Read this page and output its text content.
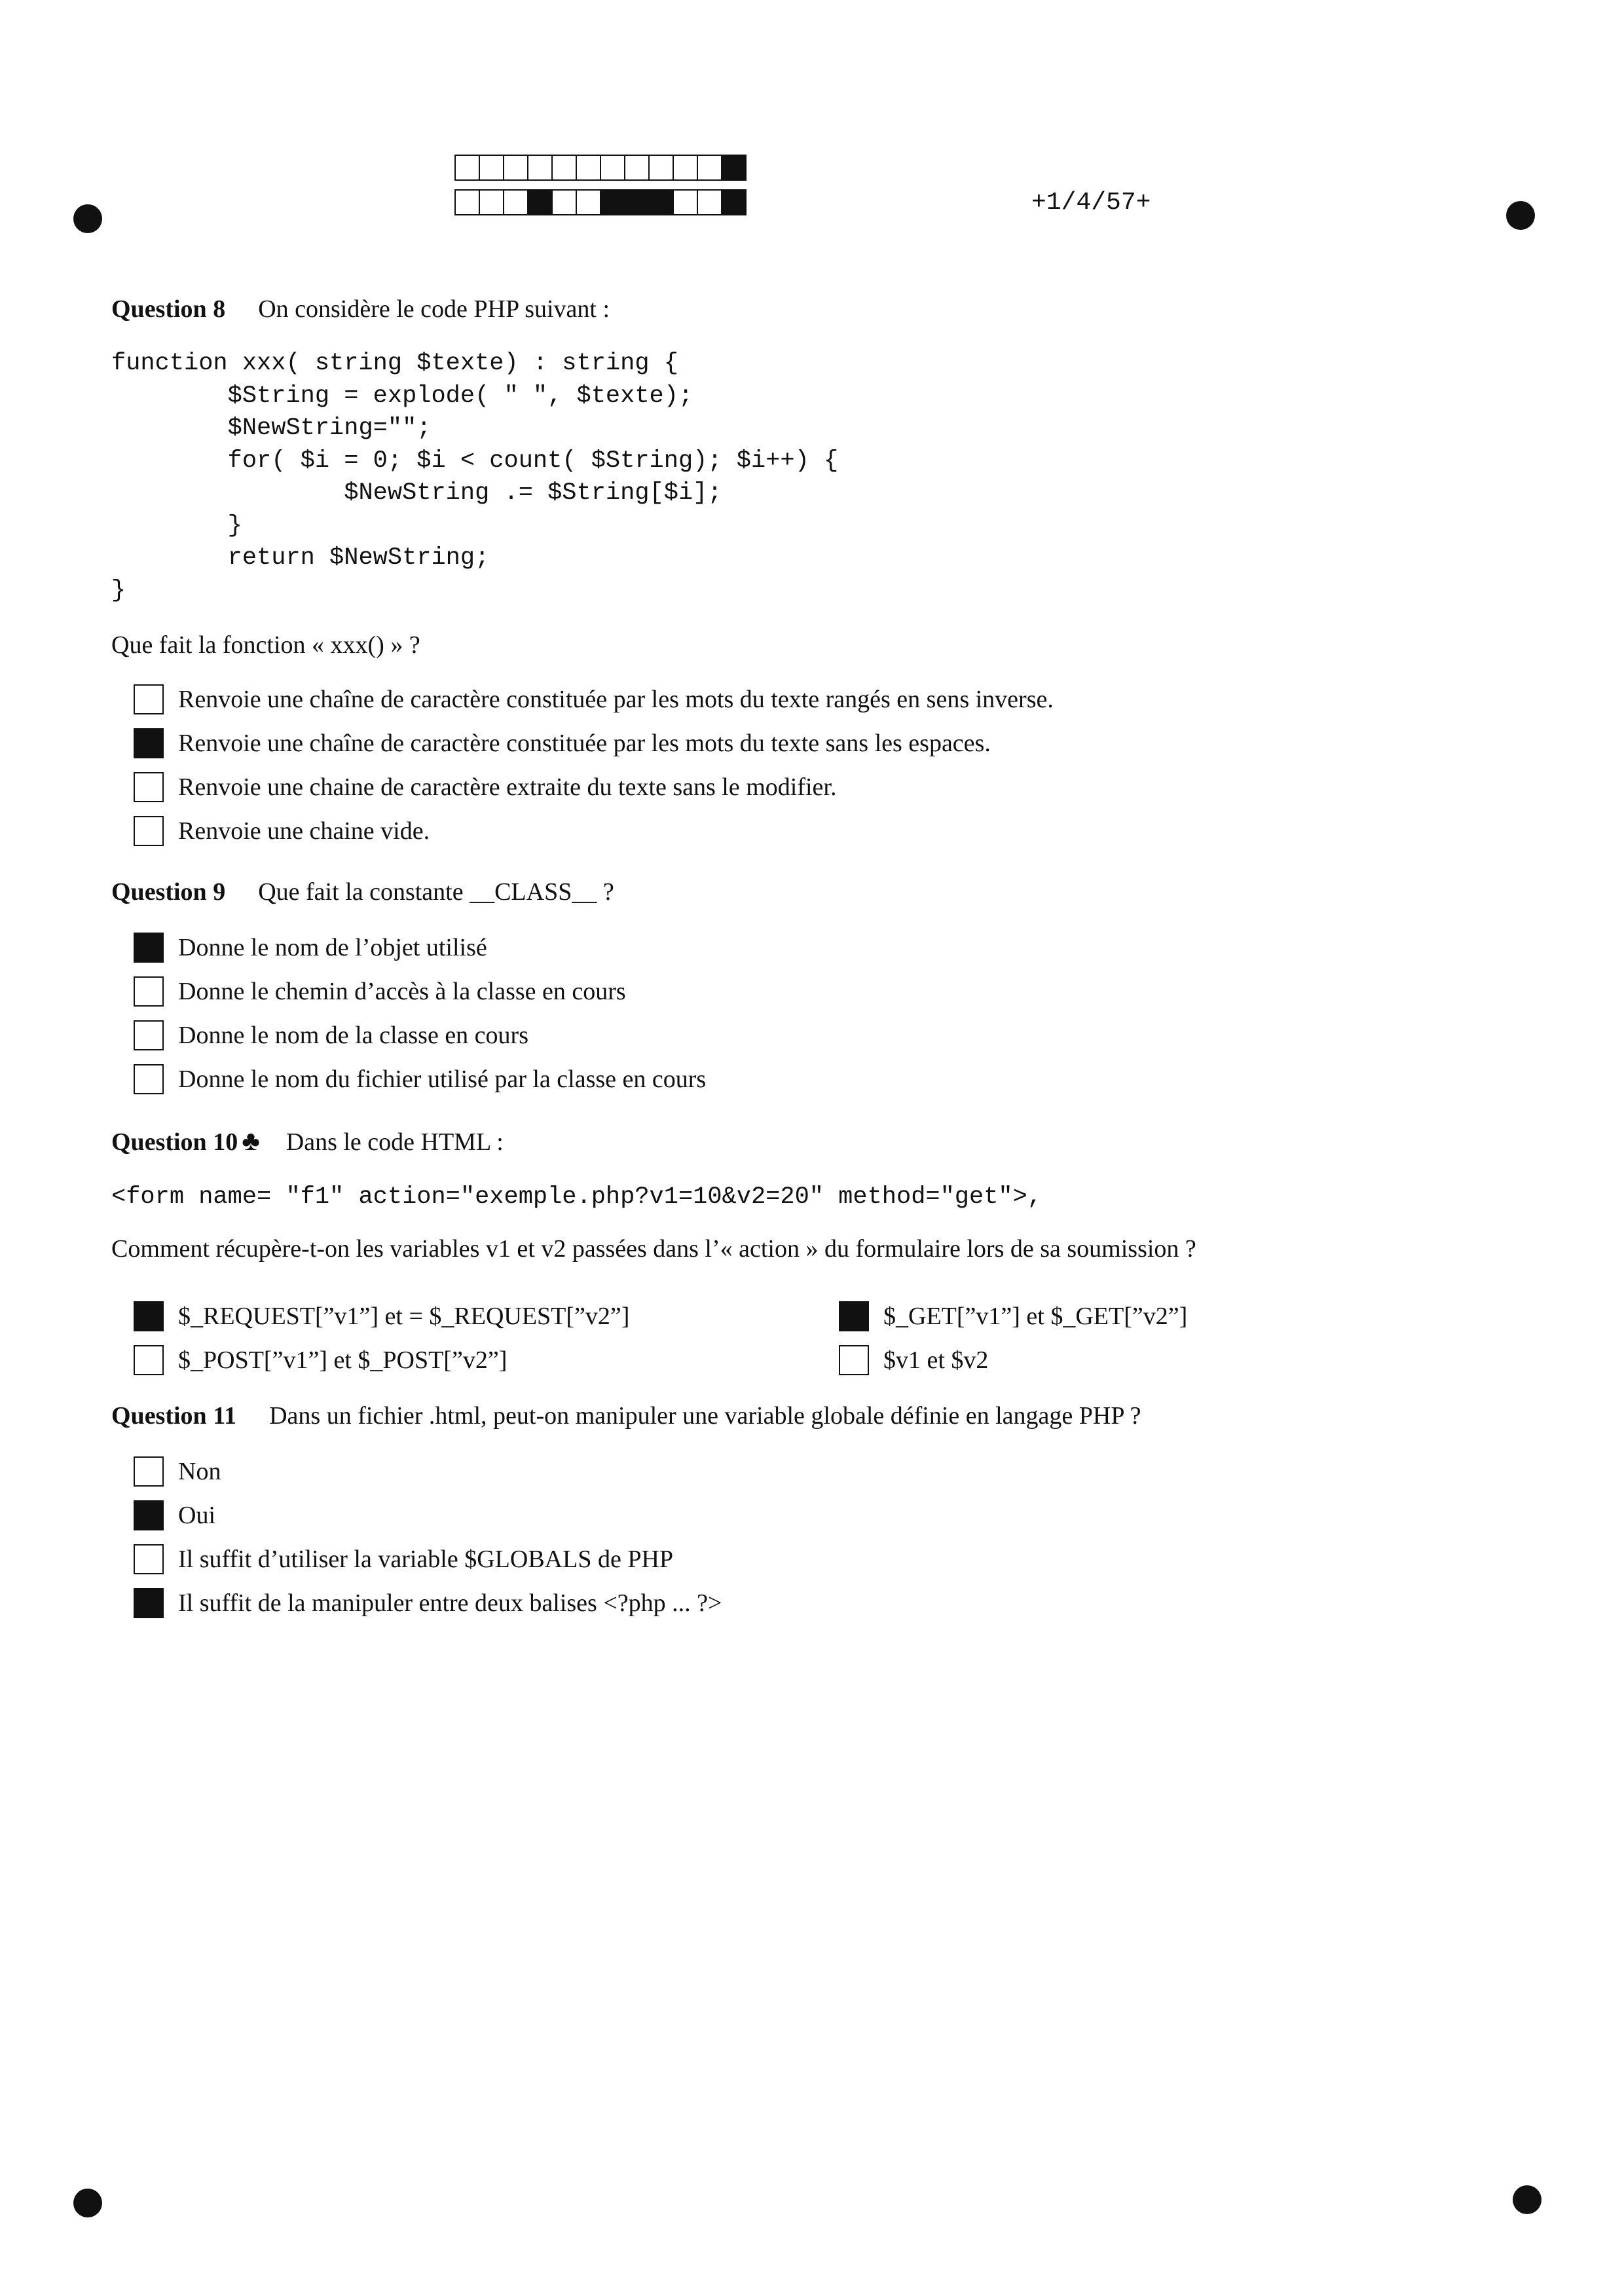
+1/4/57+
Question 8 On considère le code PHP suivant :
function xxx( string $texte) : string {
$String = explode( " ", $texte);
$NewString="";
for( $i = 0; $i < count( $String); $i++) {
$NewString .= $String[$i];
}
return $NewString;
}
Que fait la fonction « xxx() » ?
Renvoie une chaîne de caractère constituée par les mots du texte rangés en sens inverse.
Renvoie une chaîne de caractère constituée par les mots du texte sans les espaces.
Renvoie une chaine de caractère extraite du texte sans le modifier.
Renvoie une chaine vide.
Question 9 Que fait la constante __CLASS__ ?
Donne le nom de l’objet utilisé
Donne le chemin d’accès à la classe en cours
Donne le nom de la classe en cours
Donne le nom du fichier utilisé par la classe en cours
Question 10 ♣ Dans le code HTML :
<form name= "f1" action="exemple.php?v1=10&v2=20" method="get">,
Comment récupère-t-on les variables v1 et v2 passées dans l’« action » du formulaire lors de sa soumission ?
$_REQUEST[”v1”] et = $_REQUEST[”v2”]	$_GET[”v1”] et $_GET[”v2”]
$_POST[”v1”] et $_POST[”v2”]	$v1 et $v2
Question 11 Dans un fichier .html, peut-on manipuler une variable globale définie en langage PHP ?
Non
Oui
Il suffit d’utiliser la variable $GLOBALS de PHP
Il suffit de la manipuler entre deux balises <?php ... ?>
